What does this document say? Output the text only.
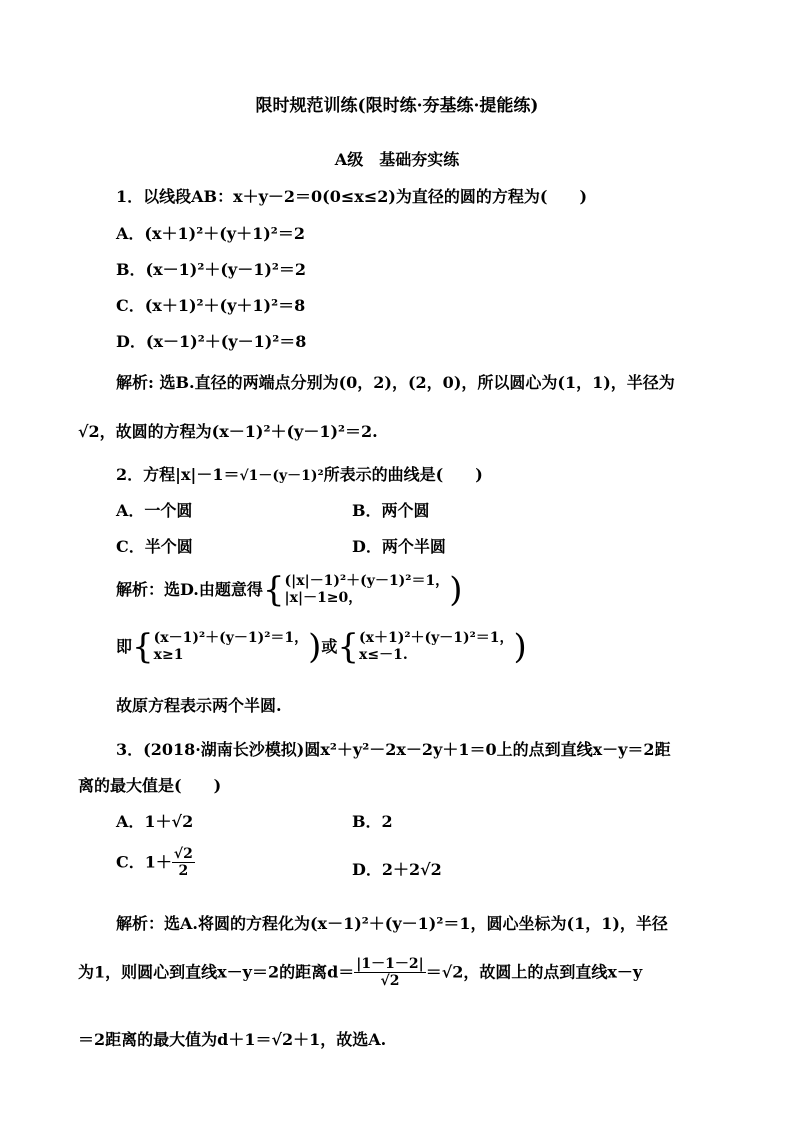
限时规范训练(限时练·夯基练·提能练)
A级　基础夯实练
1．以线段AB：x＋y－2＝0(0≤x≤2)为直径的圆的方程为(　　)
A．(x＋1)²＋(y＋1)²＝2
B．(x－1)²＋(y－1)²＝2
C．(x＋1)²＋(y＋1)²＝8
D．(x－1)²＋(y－1)²＝8
解析: 选B.直径的两端点分别为(0，2)，(2，0)，所以圆心为(1，1)，半径为
√2，故圆的方程为(x－1)²＋(y－1)²＝2.
2．方程|x|－1＝√1－(y－1)²所表示的曲线是(　　)
A．一个圆	B．两个圆
C．半个圆	D．两个半圆
解析：选D.由题意得{ (|x|－1)²＋(y－1)²＝1，
|x|－1≥0，	)
即{ (x－1)²＋(y－1)²＝1，
x≥1	)或{ (x＋1)²＋(y－1)²＝1，
x≤－1.	)
故原方程表示两个半圆.
3．(2018·湖南长沙模拟)圆x²＋y²－2x－2y＋1＝0上的点到直线x－y＝2距
离的最大值是(　　)
A．1＋√2	B．2
C．$1+ \frac{√2}{2}$	D．2＋2√2
解析：选A.将圆的方程化为(x－1)²＋(y－1)²＝1，圆心坐标为(1，1)，半径
为1，则圆心到直线x－y＝2的距离$d= \frac{|1-1-2|}{√2} =√2$，故圆上的点到直线x－y
＝2距离的最大值为d＋1＝√2＋1，故选A.
